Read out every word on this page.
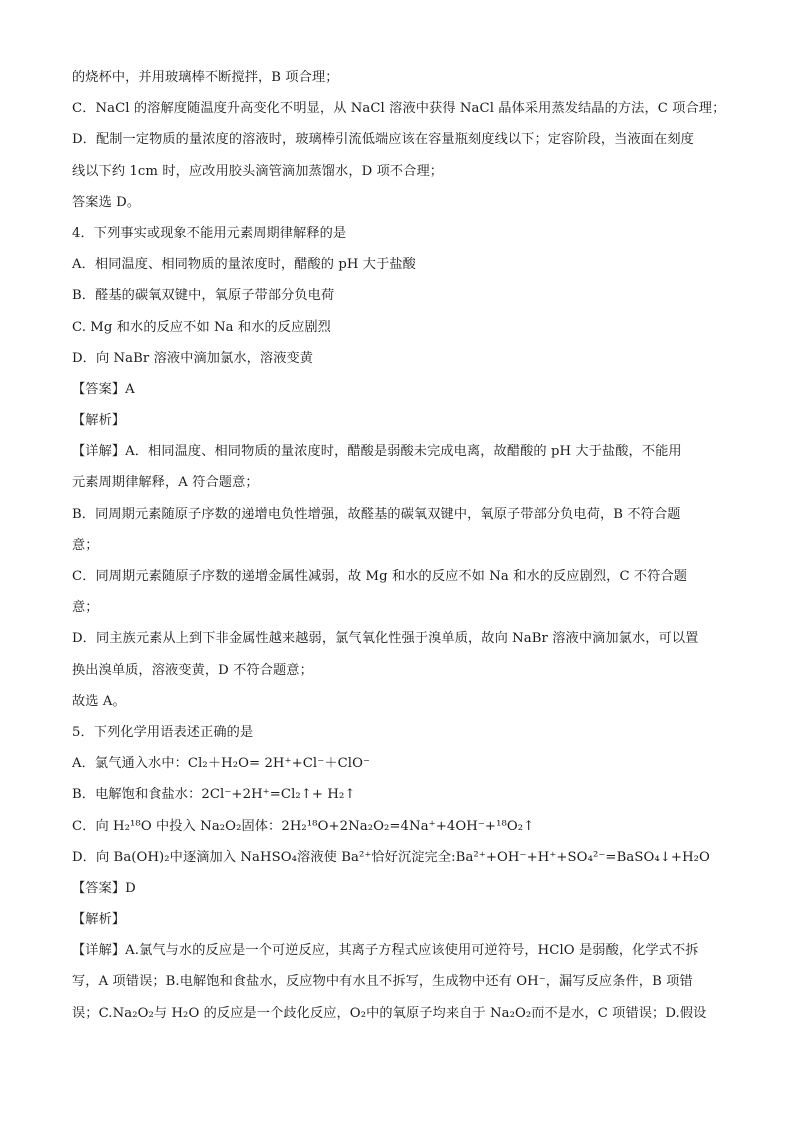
的烧杯中，并用玻璃棒不断搅拌，B 项合理；
C．NaCl 的溶解度随温度升高变化不明显，从 NaCl 溶液中获得 NaCl 晶体采用蒸发结晶的方法，C 项合理；
D．配制一定物质的量浓度的溶液时，玻璃棒引流低端应该在容量瓶刻度线以下；定容阶段，当液面在刻度
线以下约 1cm 时，应改用胶头滴管滴加蒸馏水，D 项不合理；
答案选 D。
4．下列事实或现象不能用元素周期律解释的是
A．相同温度、相同物质的量浓度时，醋酸的 pH 大于盐酸
B．醛基的碳氧双键中，氧原子带部分负电荷
C. Mg 和水的反应不如 Na 和水的反应剧烈
D．向 NaBr 溶液中滴加氯水，溶液变黄
【答案】A
【解析】
【详解】A．相同温度、相同物质的量浓度时，醋酸是弱酸未完成电离，故醋酸的 pH 大于盐酸，不能用
元素周期律解释，A 符合题意；
B．同周期元素随原子序数的递增电负性增强，故醛基的碳氧双键中，氧原子带部分负电荷，B 不符合题
意；
C．同周期元素随原子序数的递增金属性减弱，故 Mg 和水的反应不如 Na 和水的反应剧烈，C 不符合题
意；
D．同主族元素从上到下非金属性越来越弱，氯气氧化性强于溴单质，故向 NaBr 溶液中滴加氯水，可以置
换出溴单质，溶液变黄，D 不符合题意；
故选 A。
5．下列化学用语表述正确的是
A．氯气通入水中：Cl₂＋H₂O= 2H⁺+Cl⁻＋ClO⁻
B．电解饱和食盐水：2Cl⁻+2H⁺=Cl₂↑+ H₂↑
C．向 H₂¹⁸O 中投入 Na₂O₂固体：2H₂¹⁸O+2Na₂O₂=4Na⁺+4OH⁻+¹⁸O₂↑
D．向 Ba(OH)₂中逐滴加入 NaHSO₄溶液使 Ba²⁺恰好沉淀完全:Ba²⁺+OH⁻+H⁺+SO₄²⁻=BaSO₄↓+H₂O
【答案】D
【解析】
【详解】A.氯气与水的反应是一个可逆反应，其离子方程式应该使用可逆符号，HClO 是弱酸，化学式不拆
写，A 项错误；B.电解饱和食盐水，反应物中有水且不拆写，生成物中还有 OH⁻，漏写反应条件，B 项错
误；C.Na₂O₂与 H₂O 的反应是一个歧化反应，O₂中的氧原子均来自于 Na₂O₂而不是水，C 项错误；D.假设
